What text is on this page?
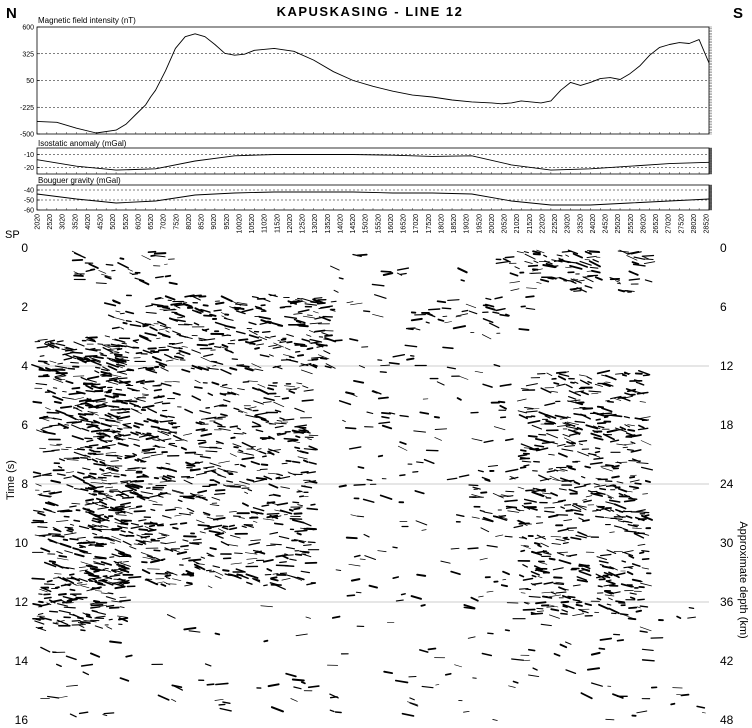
KAPUSKASING - LINE 12
N	S
SP
600
325
50
-225
-500
Magnetic field intensity (nT)
-10
-20
Isostatic anomaly (mGal)
-40
-50
-60
Bouguer gravity (mGal)
2020 2520 3020 3520 4020 4520 5020 5520 6020 6520 7020 7520 8020 8520 9020 9520 10020 10520 11020 11520 12020 12520 13020 13520 14020 14520 15020 15520 16020 16520 17020 17520 18020 18520 19020 19520 20020 20520 21020 21520 22020 22520 23020 23520 24020 24520 25020 25520 26020 26520 27020 27520 28020 28520
0	0
2	6
4	12
6	18
8	24
10	30
12	36
14	42
16	48
Time (s)
Approximate depth (km)
